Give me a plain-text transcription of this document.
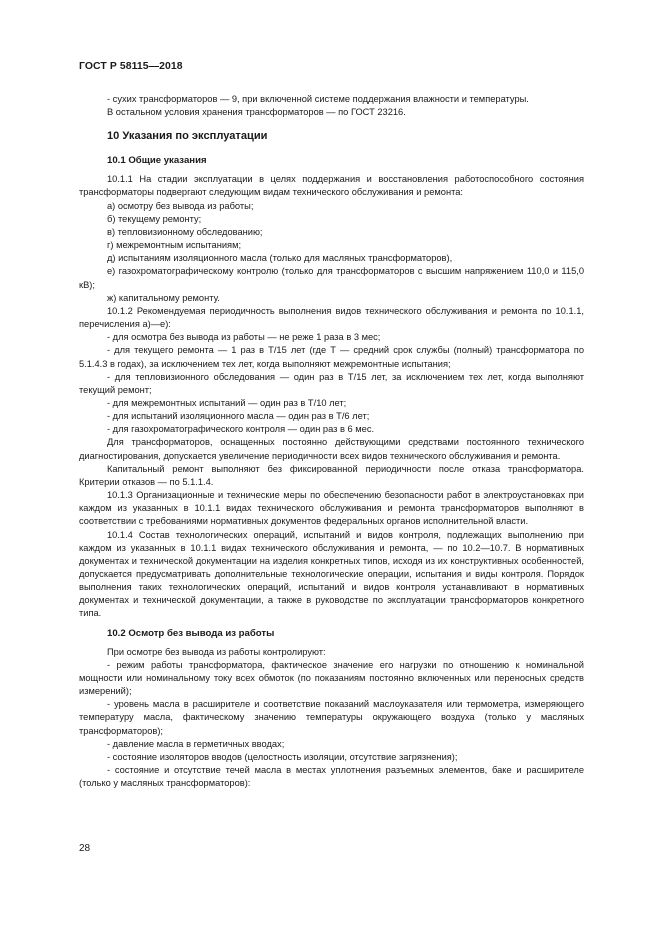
ГОСТ Р 58115—2018

- сухих трансформаторов — 9, при включенной системе поддержания влажности и температуры.

В остальном условия хранения трансформаторов — по ГОСТ 23216.

10 Указания по эксплуатации
10.1 Общие указания

10.1.1 На стадии эксплуатации в целях поддержания и восстановления работоспособного состояния трансформаторы подвергают следующим видам технического обслуживания и ремонта:

а) осмотру без вывода из работы;

б) текущему ремонту;

в) тепловизионному обследованию;

г) межремонтным испытаниям;

д) испытаниям изоляционного масла (только для масляных трансформаторов),

е) газохроматографическому контролю (только для трансформаторов с высшим напряжением 110,0 и 115,0 кВ);

ж) капитальному ремонту.

10.1.2 Рекомендуемая периодичность выполнения видов технического обслуживания и ремонта по 10.1.1, перечисления а)—е):

- для осмотра без вывода из работы — не реже 1 раза в 3 мес;

- для текущего ремонта — 1 раз в Т/15 лет (где Т — средний срок службы (полный) трансформатора по 5.1.4.3 в годах), за исключением тех лет, когда выполняют межремонтные испытания;

- для тепловизионного обследования — один раз в Т/15 лет, за исключением тех лет, когда выполняют текущий ремонт;

- для межремонтных испытаний — один раз в Т/10 лет;

- для испытаний изоляционного масла — один раз в Т/6 лет;

- для газохроматографического контроля — один раз в 6 мес.

Для трансформаторов, оснащенных постоянно действующими средствами постоянного технического диагностирования, допускается увеличение периодичности всех видов технического обслуживания и ремонта.

Капитальный ремонт выполняют без фиксированной периодичности после отказа трансформатора. Критерии отказов — по 5.1.1.4.

10.1.3 Организационные и технические меры по обеспечению безопасности работ в электроустановках при каждом из указанных в 10.1.1 видах технического обслуживания и ремонта трансформаторов выполняют в соответствии с требованиями нормативных документов федеральных органов исполнительной власти.

10.1.4 Состав технологических операций, испытаний и видов контроля, подлежащих выполнению при каждом из указанных в 10.1.1 видах технического обслуживания и ремонта, — по 10.2—10.7. В нормативных документах и технической документации на изделия конкретных типов, исходя из их конструктивных особенностей, допускается предусматривать дополнительные технологические операции, испытания и виды контроля. Порядок выполнения таких технологических операций, испытаний и видов контроля устанавливают в нормативных документах и технической документации, а также в руководстве по эксплуатации трансформаторов конкретного типа.

10.2 Осмотр без вывода из работы

При осмотре без вывода из работы контролируют:

- режим работы трансформатора, фактическое значение его нагрузки по отношению к номинальной мощности или номинальному току всех обмоток (по показаниям постоянно включенных или переносных средств измерений);

- уровень масла в расширителе и соответствие показаний маслоуказателя или термометра, измеряющего температуру масла, фактическому значению температуры окружающего воздуха (только у масляных трансформаторов);

- давление масла в герметичных вводах;

- состояние изоляторов вводов (целостность изоляции, отсутствие загрязнения);

- состояние и отсутствие течей масла в местах уплотнения разъемных элементов, баке и расширителе (только у масляных трансформаторов):

28
